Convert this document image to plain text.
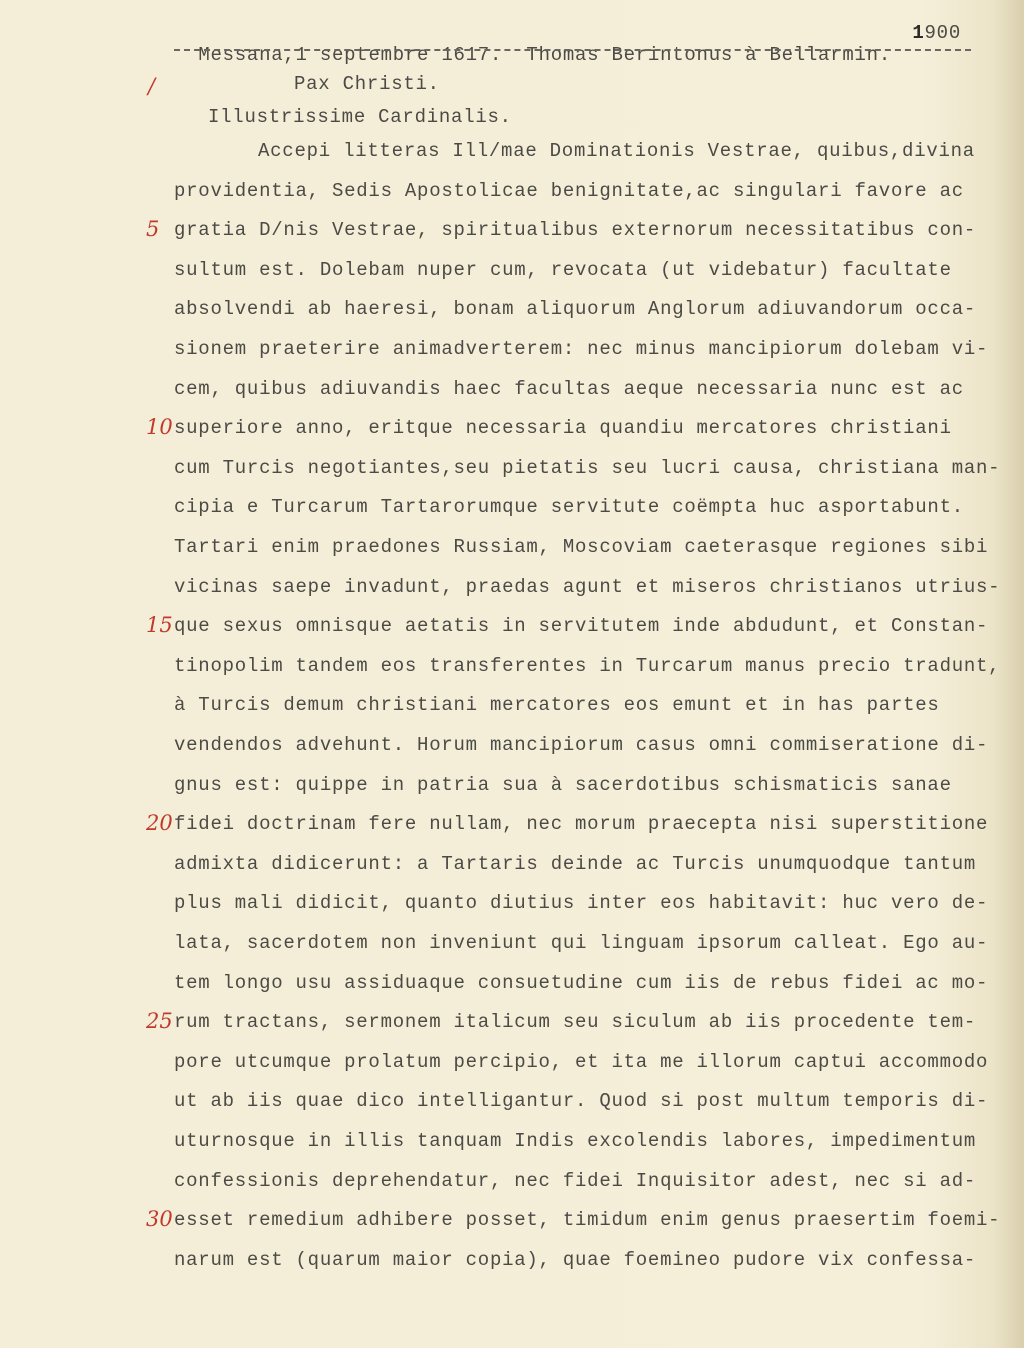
Messana,1 septembre 1617.  Thomas Berintonus à Bellarmin.

1900

/	Pax Christi.
Illustrissime Cardinalis.
Accepi litteras Ill/mae Dominationis Vestrae, quibus,divina
providentia, Sedis Apostolicae benignitate,ac singulari favore ac
gratia D/nis Vestrae, spiritualibus externorum necessitatibus con-
5
sultum est. Dolebam nuper cum, revocata (ut videbatur) facultate
absolvendi ab haeresi, bonam aliquorum Anglorum adiuvandorum occa-
sionem praeterire animadverterem: nec minus mancipiorum dolebam vi-
cem, quibus adiuvandis haec facultas aeque necessaria nunc est ac
superiore anno, eritque necessaria quandiu mercatores christiani
10
cum Turcis negotiantes,seu pietatis seu lucri causa, christiana man-
cipia e Turcarum Tartarorumque servitute coëmpta huc asportabunt.
Tartari enim praedones Russiam, Moscoviam caeterasque regiones sibi
vicinas saepe invadunt, praedas agunt et miseros christianos utrius-
que sexus omnisque aetatis in servitutem inde abdudunt, et Constan-
15
tinopolim tandem eos transferentes in Turcarum manus precio tradunt,
à Turcis demum christiani mercatores eos emunt et in has partes
vendendos advehunt. Horum mancipiorum casus omni commiseratione di-
gnus est: quippe in patria sua à sacerdotibus schismaticis sanae
fidei doctrinam fere nullam, nec morum praecepta nisi superstitione
20
admixta didicerunt: a Tartaris deinde ac Turcis unumquodque tantum
plus mali didicit, quanto diutius inter eos habitavit: huc vero de-
lata, sacerdotem non inveniunt qui linguam ipsorum calleat. Ego au-
tem longo usu assiduaque consuetudine cum iis de rebus fidei ac mo-
rum tractans, sermonem italicum seu siculum ab iis procedente tem-
25
pore utcumque prolatum percipio, et ita me illorum captui accommodo
ut ab iis quae dico intelligantur. Quod si post multum temporis di-
uturnosque in illis tanquam Indis excolendis labores, impedimentum
confessionis deprehendatur, nec fidei Inquisitor adest, nec si ad-
esset remedium adhibere posset, timidum enim genus praesertim foemi-
30
narum est (quarum maior copia), quae foemineo pudore vix confessa-
